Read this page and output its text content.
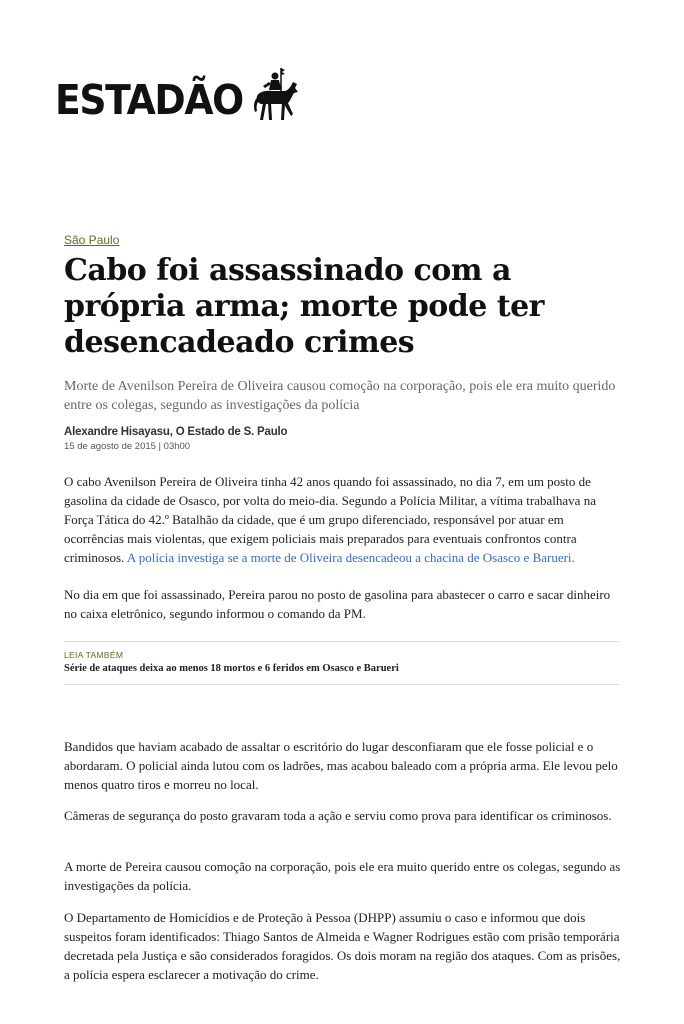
ESTADÃO
São Paulo
Cabo foi assassinado com a própria arma; morte pode ter desencadeado crimes

Morte de Avenilson Pereira de Oliveira causou comoção na corporação, pois ele era muito querido entre os colegas, segundo as investigações da polícia

Alexandre Hisayasu, O Estado de S. Paulo
15 de agosto de 2015 | 03h00

O cabo Avenilson Pereira de Oliveira tinha 42 anos quando foi assassinado, no dia 7, em um posto de gasolina da cidade de Osasco, por volta do meio-dia. Segundo a Polícia Militar, a vítima trabalhava na Força Tática do 42.º Batalhão da cidade, que é um grupo diferenciado, responsável por atuar em ocorrências mais violentas, que exigem policiais mais preparados para eventuais confrontos contra criminosos. A polícia investiga se a morte de Oliveira desencadeou a chacina de Osasco e Barueri.

No dia em que foi assassinado, Pereira parou no posto de gasolina para abastecer o carro e sacar dinheiro no caixa eletrônico, segundo informou o comando da PM.

LEIA TAMBÉM
Série de ataques deixa ao menos 18 mortos e 6 feridos em Osasco e Barueri

Bandidos que haviam acabado de assaltar o escritório do lugar desconfiaram que ele fosse policial e o abordaram. O policial ainda lutou com os ladrões, mas acabou baleado com a própria arma. Ele levou pelo menos quatro tiros e morreu no local.

Câmeras de segurança do posto gravaram toda a ação e serviu como prova para identificar os criminosos.

A morte de Pereira causou comoção na corporação, pois ele era muito querido entre os colegas, segundo as investigações da polícia.

O Departamento de Homicídios e de Proteção à Pessoa (DHPP) assumiu o caso e informou que dois suspeitos foram identificados: Thiago Santos de Almeida e Wagner Rodrigues estão com prisão temporária decretada pela Justiça e são considerados foragidos. Os dois moram na região dos ataques. Com as prisões, a polícia espera esclarecer a motivação do crime.
